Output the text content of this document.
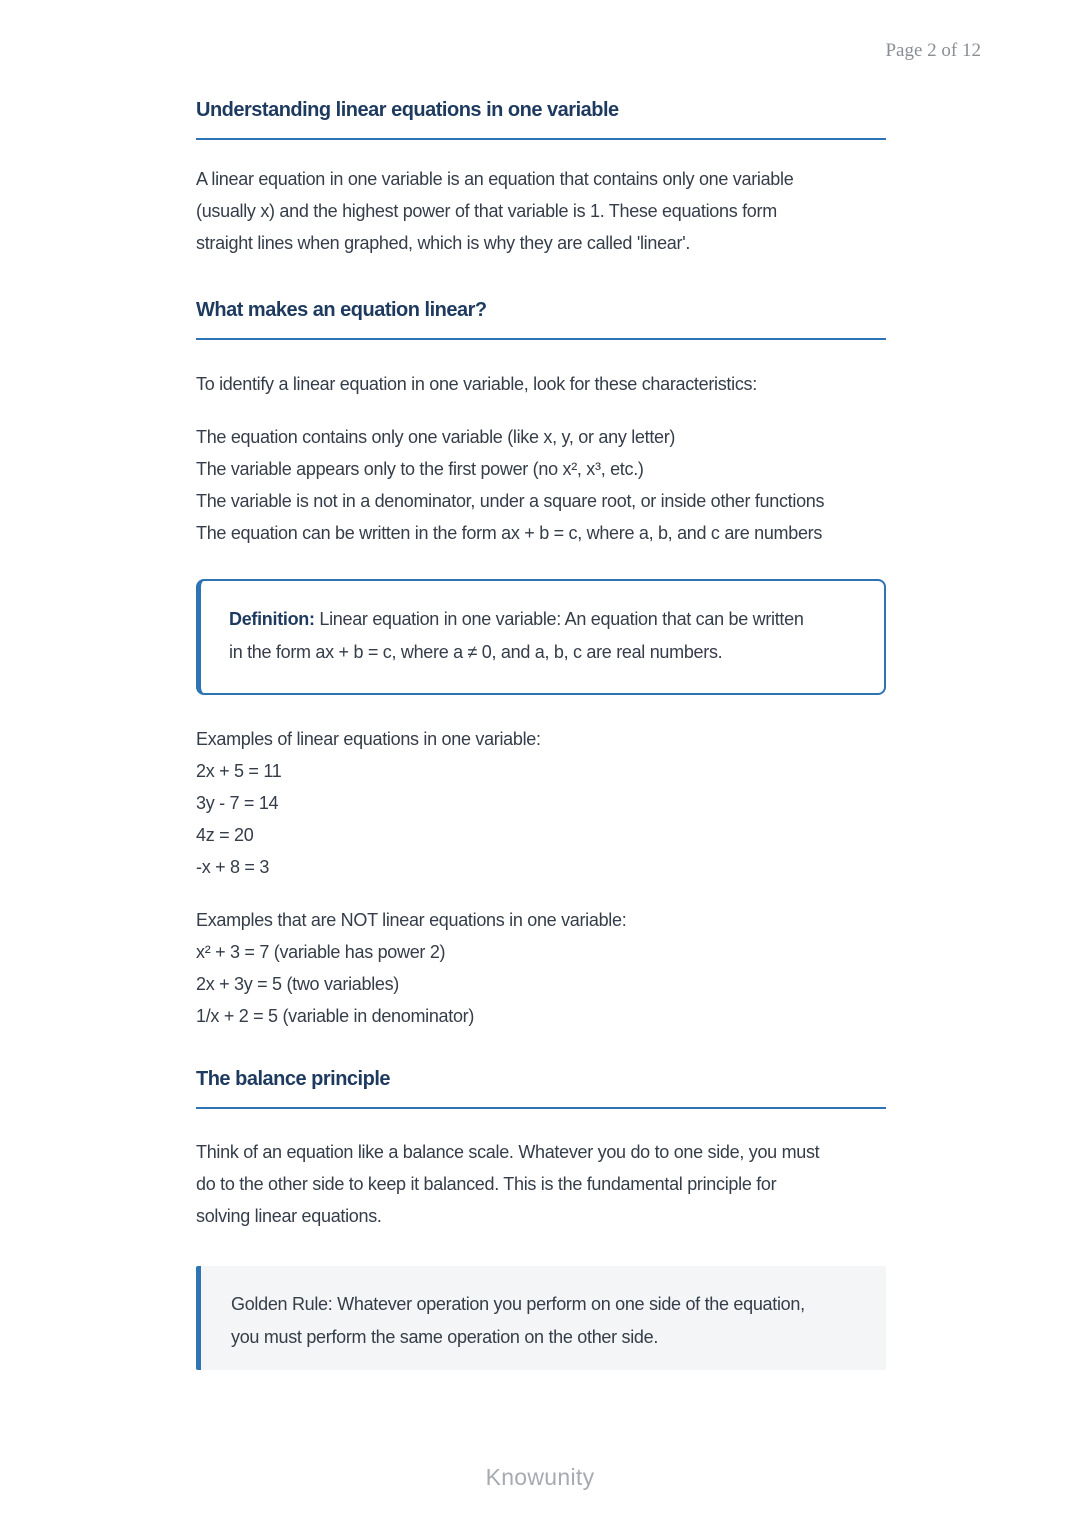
Page 2 of 12
Understanding linear equations in one variable
A linear equation in one variable is an equation that contains only one variable
(usually x) and the highest power of that variable is 1. These equations form
straight lines when graphed, which is why they are called 'linear'.
What makes an equation linear?
To identify a linear equation in one variable, look for these characteristics:
The equation contains only one variable (like x, y, or any letter)
The variable appears only to the first power (no x², x³, etc.)
The variable is not in a denominator, under a square root, or inside other functions
The equation can be written in the form ax + b = c, where a, b, and c are numbers
Definition: Linear equation in one variable: An equation that can be written
in the form ax + b = c, where a ≠ 0, and a, b, c are real numbers.
Examples of linear equations in one variable:
2x + 5 = 11
3y - 7 = 14
4z = 20
-x + 8 = 3
Examples that are NOT linear equations in one variable:
x² + 3 = 7 (variable has power 2)
2x + 3y = 5 (two variables)
1/x + 2 = 5 (variable in denominator)
The balance principle
Think of an equation like a balance scale. Whatever you do to one side, you must
do to the other side to keep it balanced. This is the fundamental principle for
solving linear equations.
Golden Rule: Whatever operation you perform on one side of the equation,
you must perform the same operation on the other side.
Knowunity
